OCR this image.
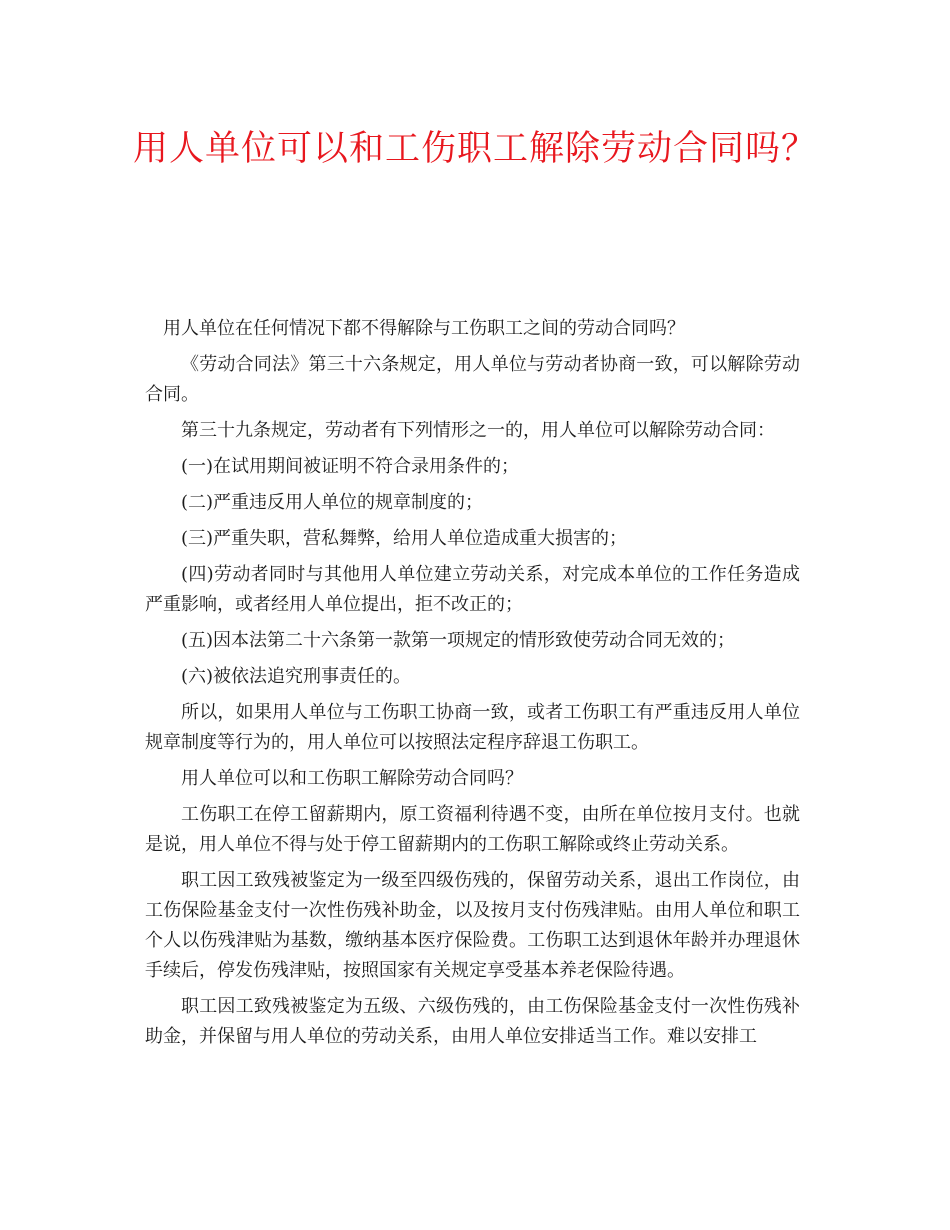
用人单位可以和工伤职工解除劳动合同吗？

用人单位在任何情况下都不得解除与工伤职工之间的劳动合同吗？

《劳动合同法》第三十六条规定，用人单位与劳动者协商一致，可以解除劳动合同。

第三十九条规定，劳动者有下列情形之一的，用人单位可以解除劳动合同：

(一)在试用期间被证明不符合录用条件的；

(二)严重违反用人单位的规章制度的；

(三)严重失职，营私舞弊，给用人单位造成重大损害的；

(四)劳动者同时与其他用人单位建立劳动关系，对完成本单位的工作任务造成严重影响，或者经用人单位提出，拒不改正的；

(五)因本法第二十六条第一款第一项规定的情形致使劳动合同无效的；

(六)被依法追究刑事责任的。

所以，如果用人单位与工伤职工协商一致，或者工伤职工有严重违反用人单位规章制度等行为的，用人单位可以按照法定程序辞退工伤职工。

用人单位可以和工伤职工解除劳动合同吗？

工伤职工在停工留薪期内，原工资福利待遇不变，由所在单位按月支付。也就是说，用人单位不得与处于停工留薪期内的工伤职工解除或终止劳动关系。

职工因工致残被鉴定为一级至四级伤残的，保留劳动关系，退出工作岗位，由工伤保险基金支付一次性伤残补助金，以及按月支付伤残津贴。由用人单位和职工个人以伤残津贴为基数，缴纳基本医疗保险费。工伤职工达到退休年龄并办理退休手续后，停发伤残津贴，按照国家有关规定享受基本养老保险待遇。

职工因工致残被鉴定为五级、六级伤残的，由工伤保险基金支付一次性伤残补助金，并保留与用人单位的劳动关系，由用人单位安排适当工作。难以安排工
